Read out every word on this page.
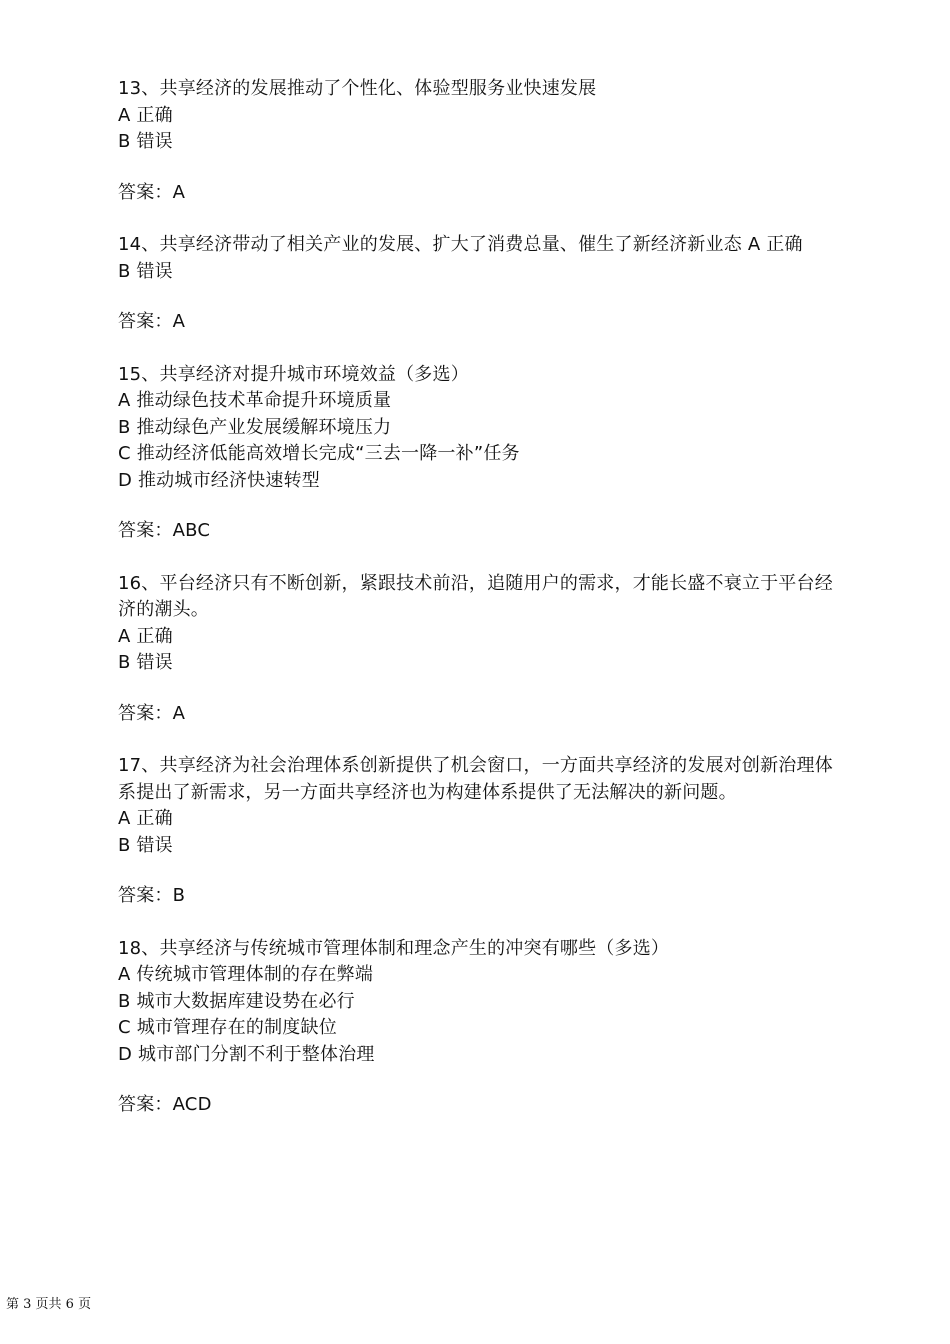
13、共享经济的发展推动了个性化、体验型服务业快速发展
A 正确
B 错误
答案：A
14、共享经济带动了相关产业的发展、扩大了消费总量、催生了新经济新业态 A 正确
B 错误
答案：A
15、共享经济对提升城市环境效益（多选）
A 推动绿色技术革命提升环境质量
B 推动绿色产业发展缓解环境压力
C 推动经济低能高效增长完成“三去一降一补”任务
D 推动城市经济快速转型
答案：ABC
16、平台经济只有不断创新，紧跟技术前沿，追随用户的需求，才能长盛不衰立于平台经济的潮头。
A 正确
B 错误
答案：A
17、共享经济为社会治理体系创新提供了机会窗口，一方面共享经济的发展对创新治理体系提出了新需求，另一方面共享经济也为构建体系提供了无法解决的新问题。
A 正确
B 错误
答案：B
18、共享经济与传统城市管理体制和理念产生的冲突有哪些（多选）
A 传统城市管理体制的存在弊端
B 城市大数据库建设势在必行
C 城市管理存在的制度缺位
D 城市部门分割不利于整体治理
答案：ACD
第 3 页共 6 页
